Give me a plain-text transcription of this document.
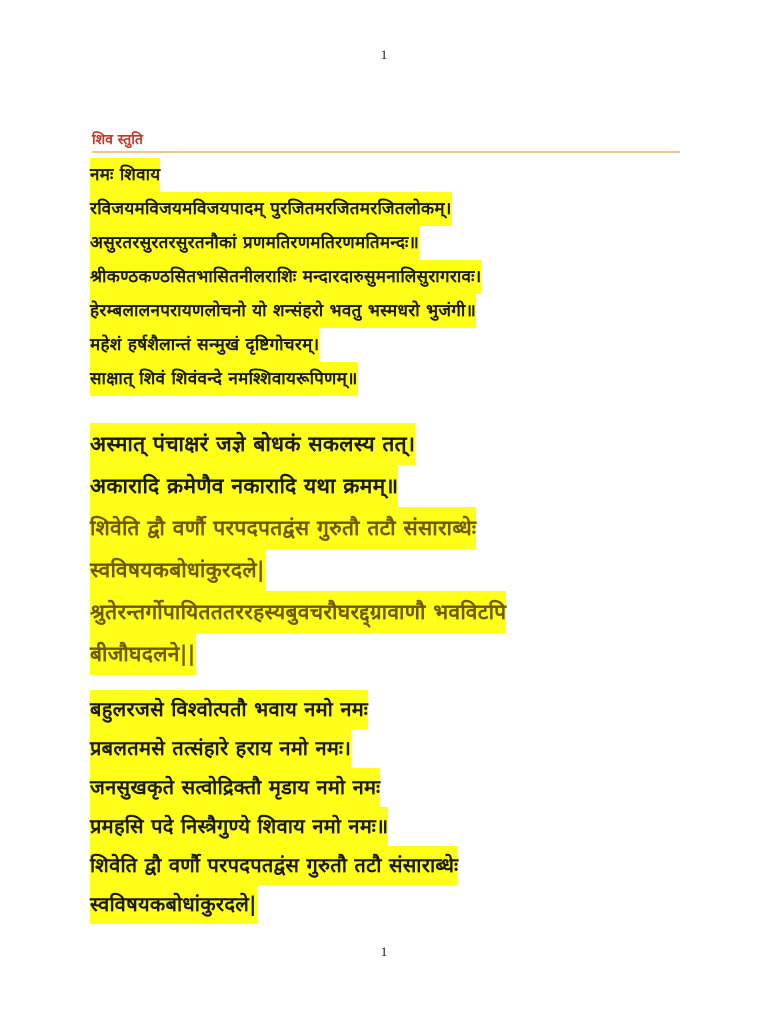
1
शिव स्तुति
नमः शिवाय
रविजयमविजयमविजयपादम् पुरजितमरजितमरजितलोकम्।
असुरतरसुरतरसुरतनौकां प्रणमतिरणमतिरणमतिमन्दः॥
श्रीकण्ठकण्ठसितभासितनीलराशिः मन्दारदारुसुमनालिसुरागरावः।
हेरम्बलालनपरायणलोचनो यो शन्संहरो भवतु भस्मधरो भुजंगी॥
महेशं हर्षशैलान्तं सन्मुखं दृष्टिगोचरम्।
साक्षात् शिवं शिवंवन्दे नमश्शिवायरूपिणम्॥
अस्मात् पंचाक्षरं जज्ञे बोधकं सकलस्य तत्।
अकारादि क्रमेणैव नकारादि यथा क्रमम्॥
शिवेति द्वौ वर्णौ परपदपतद्वंस गुरुतौ तटौ संसाराब्धेः
स्वविषयकबोधांकुरदले|
श्रुतेरन्तर्गोपायितततररहस्यबुवचरौघरद्द्ग्रावाणौ भवविटपि
बीजौघदलने||
बहुलरजसे विश्वोत्पतौ भवाय नमो नमः
प्रबलतमसे तत्संहारे हराय नमो नमः।
जनसुखकृते सत्वोद्रिक्तौ मृडाय नमो नमः
प्रमहसि पदे निस्त्रैगुण्ये शिवाय नमो नमः॥
शिवेति द्वौ वर्णौ परपदपतद्वंस गुरुतौ तटौ संसाराब्धेः
स्वविषयकबोधांकुरदले|
1
